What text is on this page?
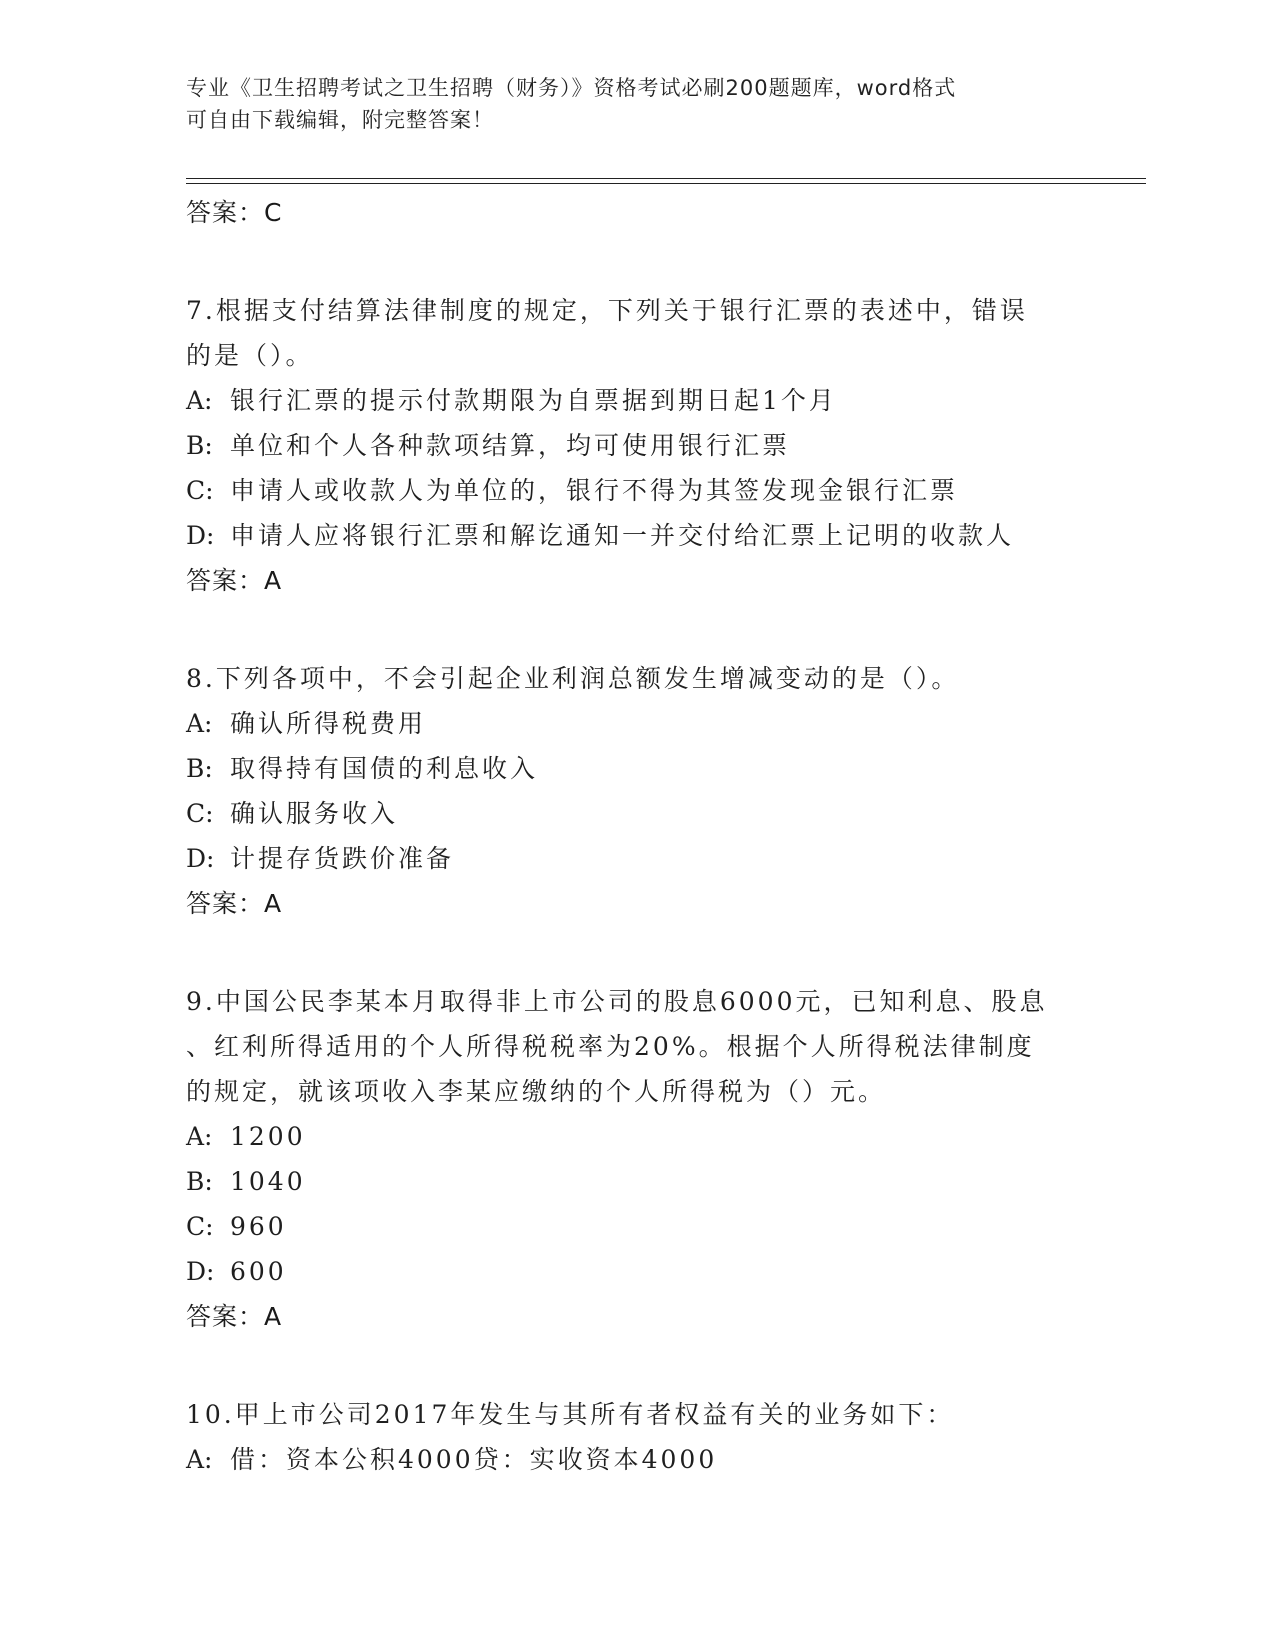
专业《卫生招聘考试之卫生招聘（财务）》资格考试必刷200题题库，word格式
可自由下载编辑，附完整答案！
答案：C
7.根据支付结算法律制度的规定，下列关于银行汇票的表述中，错误
的是（）。
A: 银行汇票的提示付款期限为自票据到期日起1个月
B: 单位和个人各种款项结算，均可使用银行汇票
C: 申请人或收款人为单位的，银行不得为其签发现金银行汇票
D: 申请人应将银行汇票和解讫通知一并交付给汇票上记明的收款人
答案：A
8.下列各项中，不会引起企业利润总额发生增减变动的是（）。
A: 确认所得税费用
B: 取得持有国债的利息收入
C: 确认服务收入
D: 计提存货跌价准备
答案：A
9.中国公民李某本月取得非上市公司的股息6000元，已知利息、股息
、红利所得适用的个人所得税税率为20%。根据个人所得税法律制度
的规定，就该项收入李某应缴纳的个人所得税为（）元。
A: 1200
B: 1040
C: 960
D: 600
答案：A
10.甲上市公司2017年发生与其所有者权益有关的业务如下：
A: 借：资本公积4000贷：实收资本4000
